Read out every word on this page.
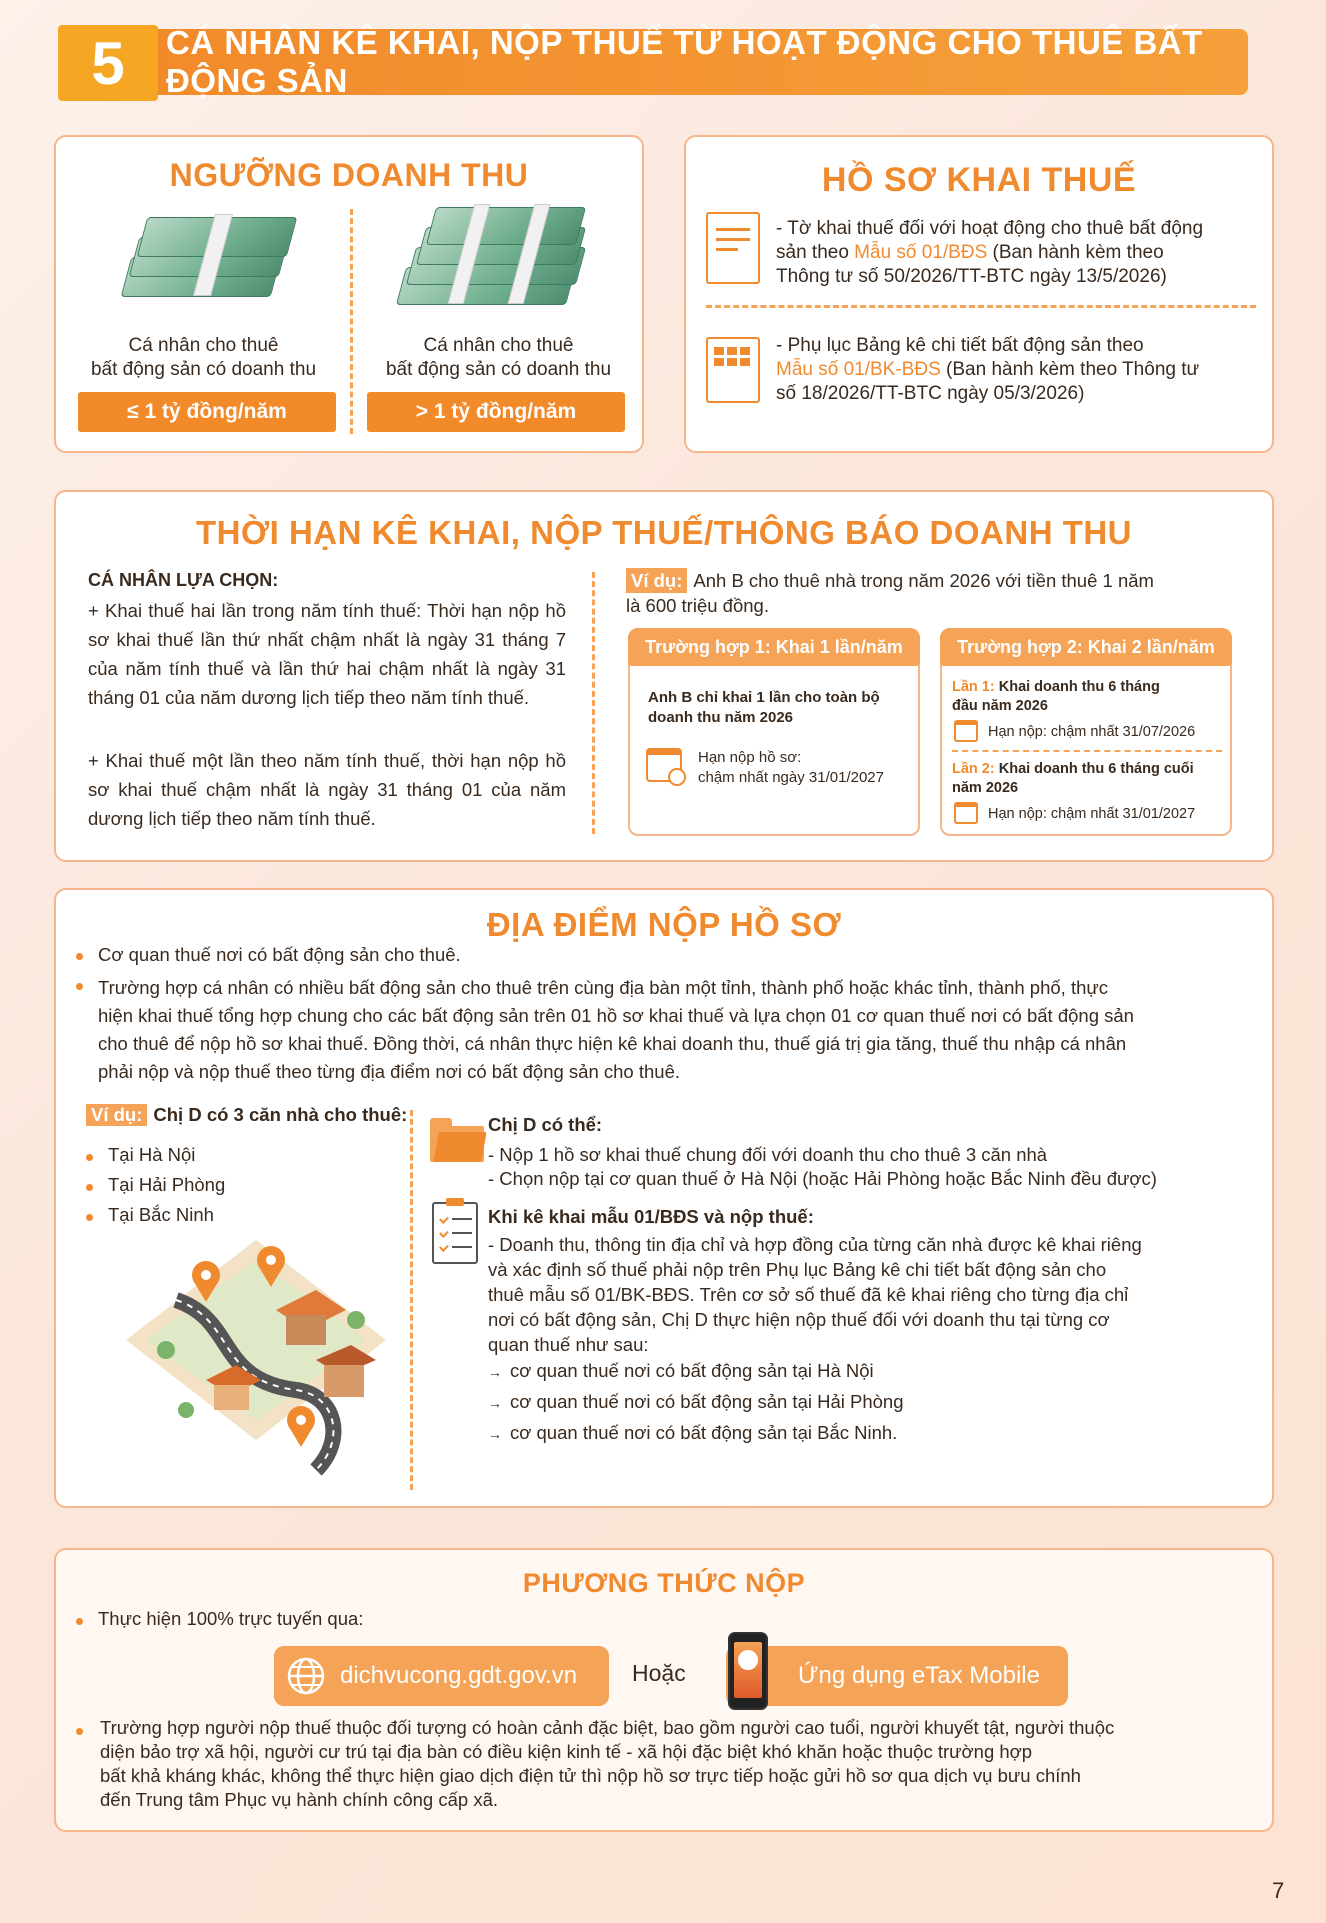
CÁ NHÂN KÊ KHAI, NỘP THUẾ TỪ HOẠT ĐỘNG CHO THUÊ BẤT ĐỘNG SẢN
5
NGƯỠNG DOANH THU
Cá nhân cho thuê
bất động sản có doanh thu
≤ 1 tỷ đồng/năm
Cá nhân cho thuê
bất động sản có doanh thu
> 1 tỷ đồng/năm
HỒ SƠ KHAI THUẾ
- Tờ khai thuế đối với hoạt động cho thuê bất động
sản theo Mẫu số 01/BĐS (Ban hành kèm theo
Thông tư số 50/2026/TT-BTC ngày 13/5/2026)
- Phụ lục Bảng kê chi tiết bất động sản theo
Mẫu số 01/BK-BĐS (Ban hành kèm theo Thông tư
số 18/2026/TT-BTC ngày 05/3/2026)
THỜI HẠN KÊ KHAI, NỘP THUẾ/THÔNG BÁO DOANH THU
CÁ NHÂN LỰA CHỌN:
+ Khai thuế hai lần trong năm tính thuế: Thời hạn nộp hồ sơ khai thuế lần thứ nhất chậm nhất là ngày 31 tháng 7 của năm tính thuế và lần thứ hai chậm nhất là ngày 31 tháng 01 của năm dương lịch tiếp theo năm tính thuế.
+ Khai thuế một lần theo năm tính thuế, thời hạn nộp hồ sơ khai thuế chậm nhất là ngày 31 tháng 01 của năm dương lịch tiếp theo năm tính thuế.
Ví dụ: Anh B cho thuê nhà trong năm 2026 với tiền thuê 1 năm
là 600 triệu đồng.
Trường hợp 1: Khai 1 lần/năm
Anh B chỉ khai 1 lần cho toàn bộ
doanh thu năm 2026
Hạn nộp hồ sơ:
chậm nhất ngày 31/01/2027
Trường hợp 2: Khai 2 lần/năm
Lần 1: Khai doanh thu 6 tháng
đầu năm 2026
Hạn nộp: chậm nhất 31/07/2026
Lần 2: Khai doanh thu 6 tháng cuối
năm 2026
Hạn nộp: chậm nhất 31/01/2027
ĐỊA ĐIỂM NỘP HỒ SƠ
Cơ quan thuế nơi có bất động sản cho thuê.
Trường hợp cá nhân có nhiều bất động sản cho thuê trên cùng địa bàn một tỉnh, thành phố hoặc khác tỉnh, thành phố, thực
hiện khai thuế tổng hợp chung cho các bất động sản trên 01 hồ sơ khai thuế và lựa chọn 01 cơ quan thuế nơi có bất động sản
cho thuê để nộp hồ sơ khai thuế. Đồng thời, cá nhân thực hiện kê khai doanh thu, thuế giá trị gia tăng, thuế thu nhập cá nhân
phải nộp và nộp thuế theo từng địa điểm nơi có bất động sản cho thuê.
Ví dụ: Chị D có 3 căn nhà cho thuê:
Tại Hà Nội
Tại Hải Phòng
Tại Bắc Ninh
Chị D có thể:
- Nộp 1 hồ sơ khai thuế chung đối với doanh thu cho thuê 3 căn nhà
- Chọn nộp tại cơ quan thuế ở Hà Nội (hoặc Hải Phòng hoặc Bắc Ninh đều được)
Khi kê khai mẫu 01/BĐS và nộp thuế:
- Doanh thu, thông tin địa chỉ và hợp đồng của từng căn nhà được kê khai riêng
và xác định số thuế phải nộp trên Phụ lục Bảng kê chi tiết bất động sản cho
thuê mẫu số 01/BK-BĐS. Trên cơ sở số thuế đã kê khai riêng cho từng địa chỉ
nơi có bất động sản, Chị D thực hiện nộp thuế đối với doanh thu tại từng cơ
quan thuế như sau:
→ cơ quan thuế nơi có bất động sản tại Hà Nội
→ cơ quan thuế nơi có bất động sản tại Hải Phòng
→ cơ quan thuế nơi có bất động sản tại Bắc Ninh.
PHƯƠNG THỨC NỘP
Thực hiện 100% trực tuyến qua:
dichvucong.gdt.gov.vn Hoặc	Ứng dụng eTax Mobile
Trường hợp người nộp thuế thuộc đối tượng có hoàn cảnh đặc biệt, bao gồm người cao tuổi, người khuyết tật, người thuộc
diện bảo trợ xã hội, người cư trú tại địa bàn có điều kiện kinh tế - xã hội đặc biệt khó khăn hoặc thuộc trường hợp
bất khả kháng khác, không thể thực hiện giao dịch điện tử thì nộp hồ sơ trực tiếp hoặc gửi hồ sơ qua dịch vụ bưu chính
đến Trung tâm Phục vụ hành chính công cấp xã.
7
